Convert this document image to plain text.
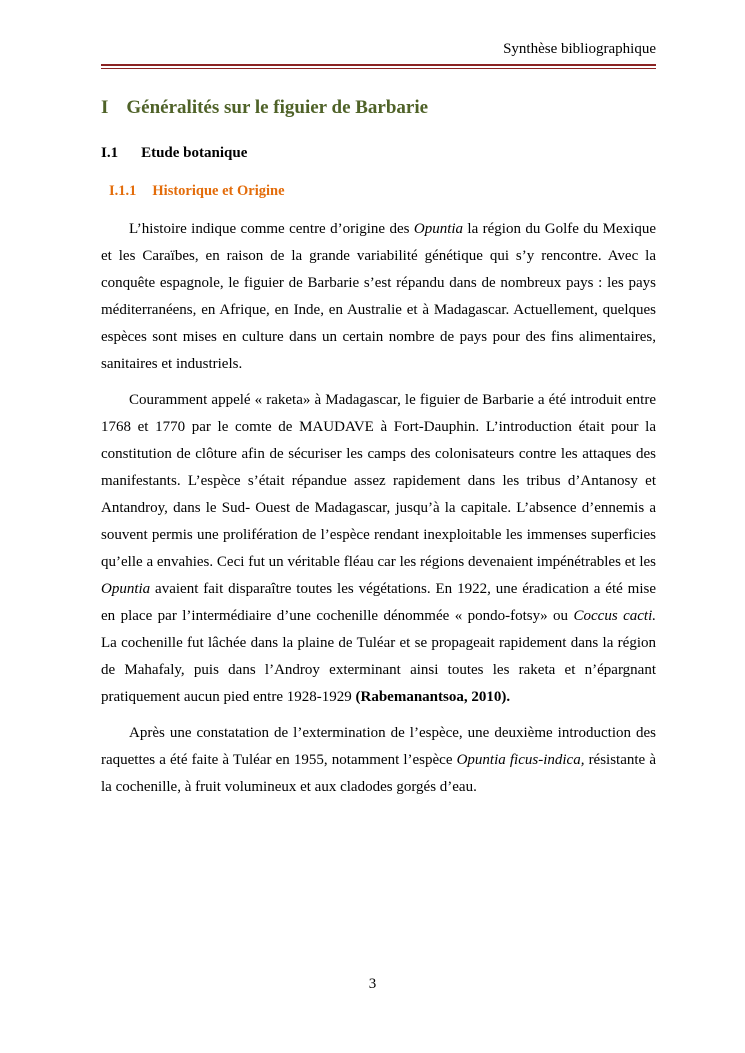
Synthèse bibliographique
I Généralités sur le figuier de Barbarie
I.1 Etude botanique
I.1.1 Historique et Origine

L’histoire indique comme centre d’origine des Opuntia la région du Golfe du Mexique et les Caraïbes, en raison de la grande variabilité génétique qui s’y rencontre. Avec la conquête espagnole, le figuier de Barbarie s’est répandu dans de nombreux pays : les pays méditerranéens, en Afrique, en Inde, en Australie et à Madagascar. Actuellement, quelques espèces sont mises en culture dans un certain nombre de pays pour des fins alimentaires, sanitaires et industriels.

Couramment appelé « raketa» à Madagascar, le figuier de Barbarie a été introduit entre 1768 et 1770 par le comte de MAUDAVE à Fort-Dauphin. L’introduction était pour la constitution de clôture afin de sécuriser les camps des colonisateurs contre les attaques des manifestants. L’espèce s’était répandue assez rapidement dans les tribus d’Antanosy et Antandroy, dans le Sud- Ouest de Madagascar, jusqu’à la capitale. L’absence d’ennemis a souvent permis une prolifération de l’espèce rendant inexploitable les immenses superficies qu’elle a envahies. Ceci fut un véritable fléau car les régions devenaient impénétrables et les Opuntia avaient fait disparaître toutes les végétations. En 1922, une éradication a été mise en place par l’intermédiaire d’une cochenille dénommée « pondo-fotsy» ou Coccus cacti. La cochenille fut lâchée dans la plaine de Tuléar et se propageait rapidement dans la région de Mahafaly, puis dans l’Androy exterminant ainsi toutes les raketa et n’épargnant pratiquement aucun pied entre 1928-1929 (Rabemanantsoa, 2010).

Après une constatation de l’extermination de l’espèce, une deuxième introduction des raquettes a été faite à Tuléar en 1955, notamment l’espèce Opuntia ficus-indica, résistante à la cochenille, à fruit volumineux et aux cladodes gorgés d’eau.

3
